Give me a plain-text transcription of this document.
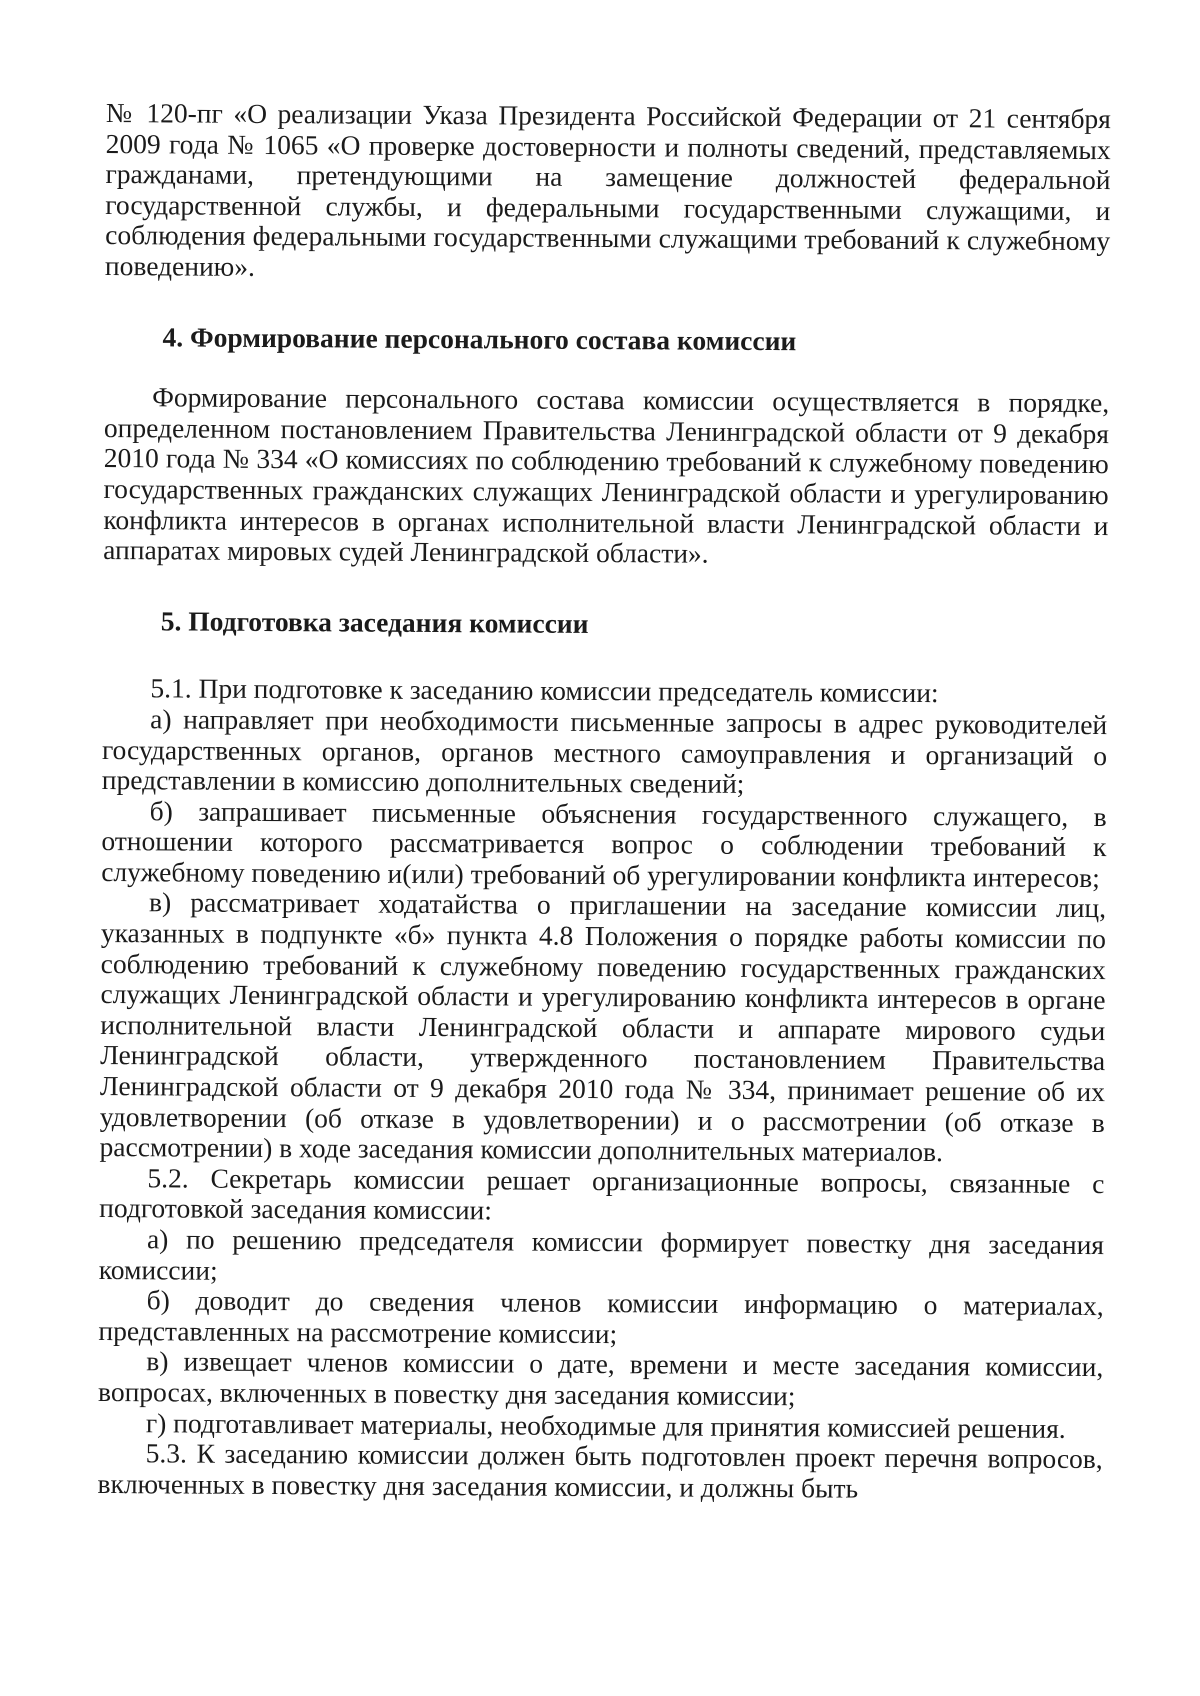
№ 120-пг «О реализации Указа Президента Российской Федерации от 21 сентября 2009 года № 1065 «О проверке достоверности и полноты сведений, представляемых гражданами, претендующими на замещение должностей федеральной государственной службы, и федеральными государственными служащими, и соблюдения федеральными государственными служащими требований к служебному поведению».

4. Формирование персонального состава комиссии

Формирование персонального состава комиссии осуществляется в порядке, определенном постановлением Правительства Ленинградской области от 9 декабря 2010 года № 334 «О комиссиях по соблюдению требований к служебному поведению государственных гражданских служащих Ленинградской области и урегулированию конфликта интересов в органах исполнительной власти Ленинградской области и аппаратах мировых судей Ленинградской области».

5. Подготовка заседания комиссии

5.1. При подготовке к заседанию комиссии председатель комиссии:

а) направляет при необходимости письменные запросы в адрес руководителей государственных органов, органов местного самоуправления и организаций о представлении в комиссию дополнительных сведений;

б) запрашивает письменные объяснения государственного служащего, в отношении которого рассматривается вопрос о соблюдении требований к служебному поведению и(или) требований об урегулировании конфликта интересов;

в) рассматривает ходатайства о приглашении на заседание комиссии лиц, указанных в подпункте «б» пункта 4.8 Положения о порядке работы комиссии по соблюдению требований к служебному поведению государственных гражданских служащих Ленинградской области и урегулированию конфликта интересов в органе исполнительной власти Ленинградской области и аппарате мирового судьи Ленинградской области, утвержденного постановлением Правительства Ленинградской области от 9 декабря 2010 года № 334, принимает решение об их удовлетворении (об отказе в удовлетворении) и о рассмотрении (об отказе в рассмотрении) в ходе заседания комиссии дополнительных материалов.

5.2. Секретарь комиссии решает организационные вопросы, связанные с подготовкой заседания комиссии:

а) по решению председателя комиссии формирует повестку дня заседания комиссии;

б) доводит до сведения членов комиссии информацию о материалах, представленных на рассмотрение комиссии;

в) извещает членов комиссии о дате, времени и месте заседания комиссии, вопросах, включенных в повестку дня заседания комиссии;

г) подготавливает материалы, необходимые для принятия комиссией решения.

5.3. К заседанию комиссии должен быть подготовлен проект перечня вопросов, включенных в повестку дня заседания комиссии, и должны быть
